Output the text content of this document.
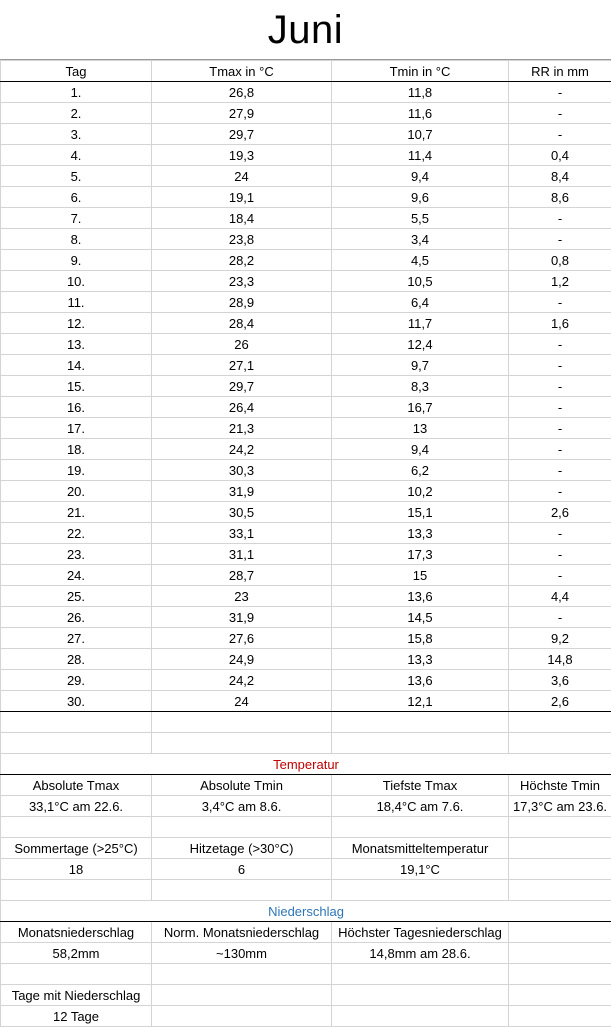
Juni
Tag	Tmax in °C	Tmin in °C	RR in mm
1.	26,8	11,8	-
2.	27,9	11,6	-
3.	29,7	10,7	-
4.	19,3	11,4	0,4
5.	24	9,4	8,4
6.	19,1	9,6	8,6
7.	18,4	5,5	-
8.	23,8	3,4	-
9.	28,2	4,5	0,8
10.	23,3	10,5	1,2
11.	28,9	6,4	-
12.	28,4	11,7	1,6
13.	26	12,4	-
14.	27,1	9,7	-
15.	29,7	8,3	-
16.	26,4	16,7	-
17.	21,3	13	-
18.	24,2	9,4	-
19.	30,3	6,2	-
20.	31,9	10,2	-
21.	30,5	15,1	2,6
22.	33,1	13,3	-
23.	31,1	17,3	-
24.	28,7	15	-
25.	23	13,6	4,4
26.	31,9	14,5	-
27.	27,6	15,8	9,2
28.	24,9	13,3	14,8
29.	24,2	13,6	3,6
30.	24	12,1	2,6

Temperatur			
Absolute Tmax	Absolute Tmin	Tiefste Tmax	Höchste Tmin
33,1°C am 22.6.	3,4°C am 8.6.	18,4°C am 7.6.	17,3°C am 23.6.

Sommertage (>25°C)	Hitzetage (>30°C)	Monatsmitteltemperatur	
18	6	19,1°C	

Niederschlag			
Monatsniederschlag	Norm. Monatsniederschlag	Höchster Tagesniederschlag	
58,2mm	~130mm	14,8mm am 28.6.	

Tage mit Niederschlag			
12 Tage			
